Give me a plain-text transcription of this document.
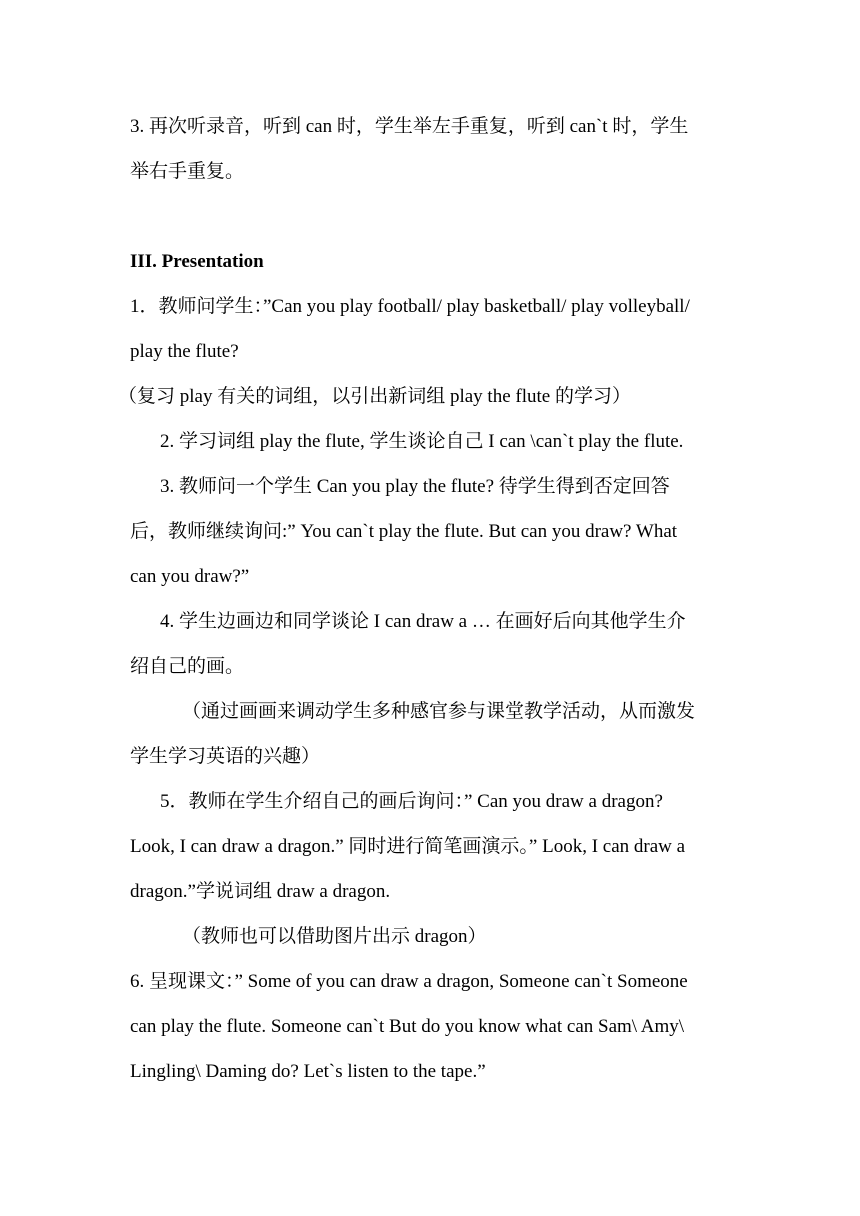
3. 再次听录音，听到 can 时，学生举左手重复，听到 can`t 时，学生
举右手重复。
III. Presentation
1．教师问学生：”Can you play football/ play basketball/ play volleyball/
play the flute?
（复习 play 有关的词组，以引出新词组 play the flute 的学习）
2. 学习词组 play the flute, 学生谈论自己 I can \can`t play the flute.
3. 教师问一个学生 Can you play the flute? 待学生得到否定回答
后，教师继续询问:” You can`t play the flute. But can you draw? What
can you draw?”
4. 学生边画边和同学谈论 I can draw a … 在画好后向其他学生介
绍自己的画。
（通过画画来调动学生多种感官参与课堂教学活动，从而激发
学生学习英语的兴趣）
5．教师在学生介绍自己的画后询问：” Can you draw a dragon?
Look, I can draw a dragon.” 同时进行简笔画演示。” Look, I can draw a
dragon.”学说词组 draw a dragon.
（教师也可以借助图片出示 dragon）
6. 呈现课文：” Some of you can draw a dragon, Someone can`t Someone
can play the flute. Someone can`t But do you know what can Sam\ Amy\
Lingling\ Daming do? Let`s listen to the tape.”
